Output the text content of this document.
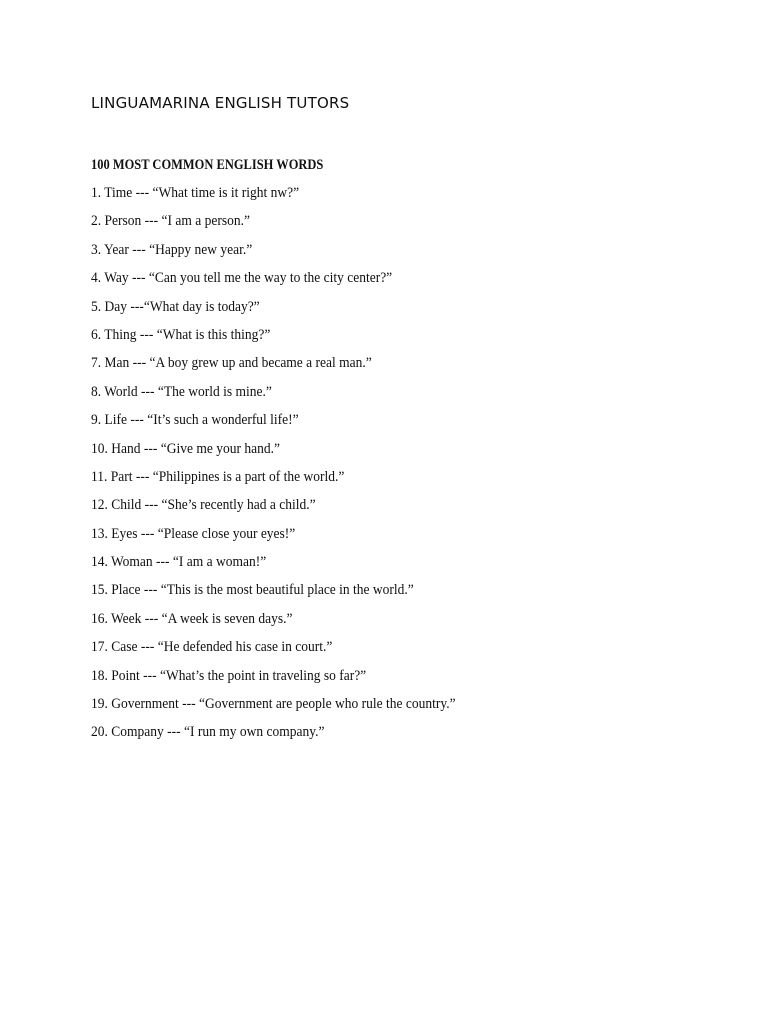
LINGUAMARINA ENGLISH TUTORS
100 MOST COMMON ENGLISH WORDS
1. Time --- “What time is it right nw?”
2. Person --- “I am a person.”
3. Year --- “Happy new year.”
4. Way --- “Can you tell me the way to the city center?”
5. Day ---“What day is today?”
6. Thing --- “What is this thing?”
7. Man --- “A boy grew up and became a real man.”
8. World --- “The world is mine.”
9. Life --- “It’s such a wonderful life!”
10. Hand --- “Give me your hand.”
11. Part --- “Philippines is a part of the world.”
12. Child --- “She’s recently had a child.”
13. Eyes --- “Please close your eyes!”
14. Woman --- “I am a woman!”
15. Place --- “This is the most beautiful place in the world.”
16. Week --- “A week is seven days.”
17. Case --- “He defended his case in court.”
18. Point --- “What’s the point in traveling so far?”
19. Government --- “Government are people who rule the country.”
20. Company --- “I run my own company.”
